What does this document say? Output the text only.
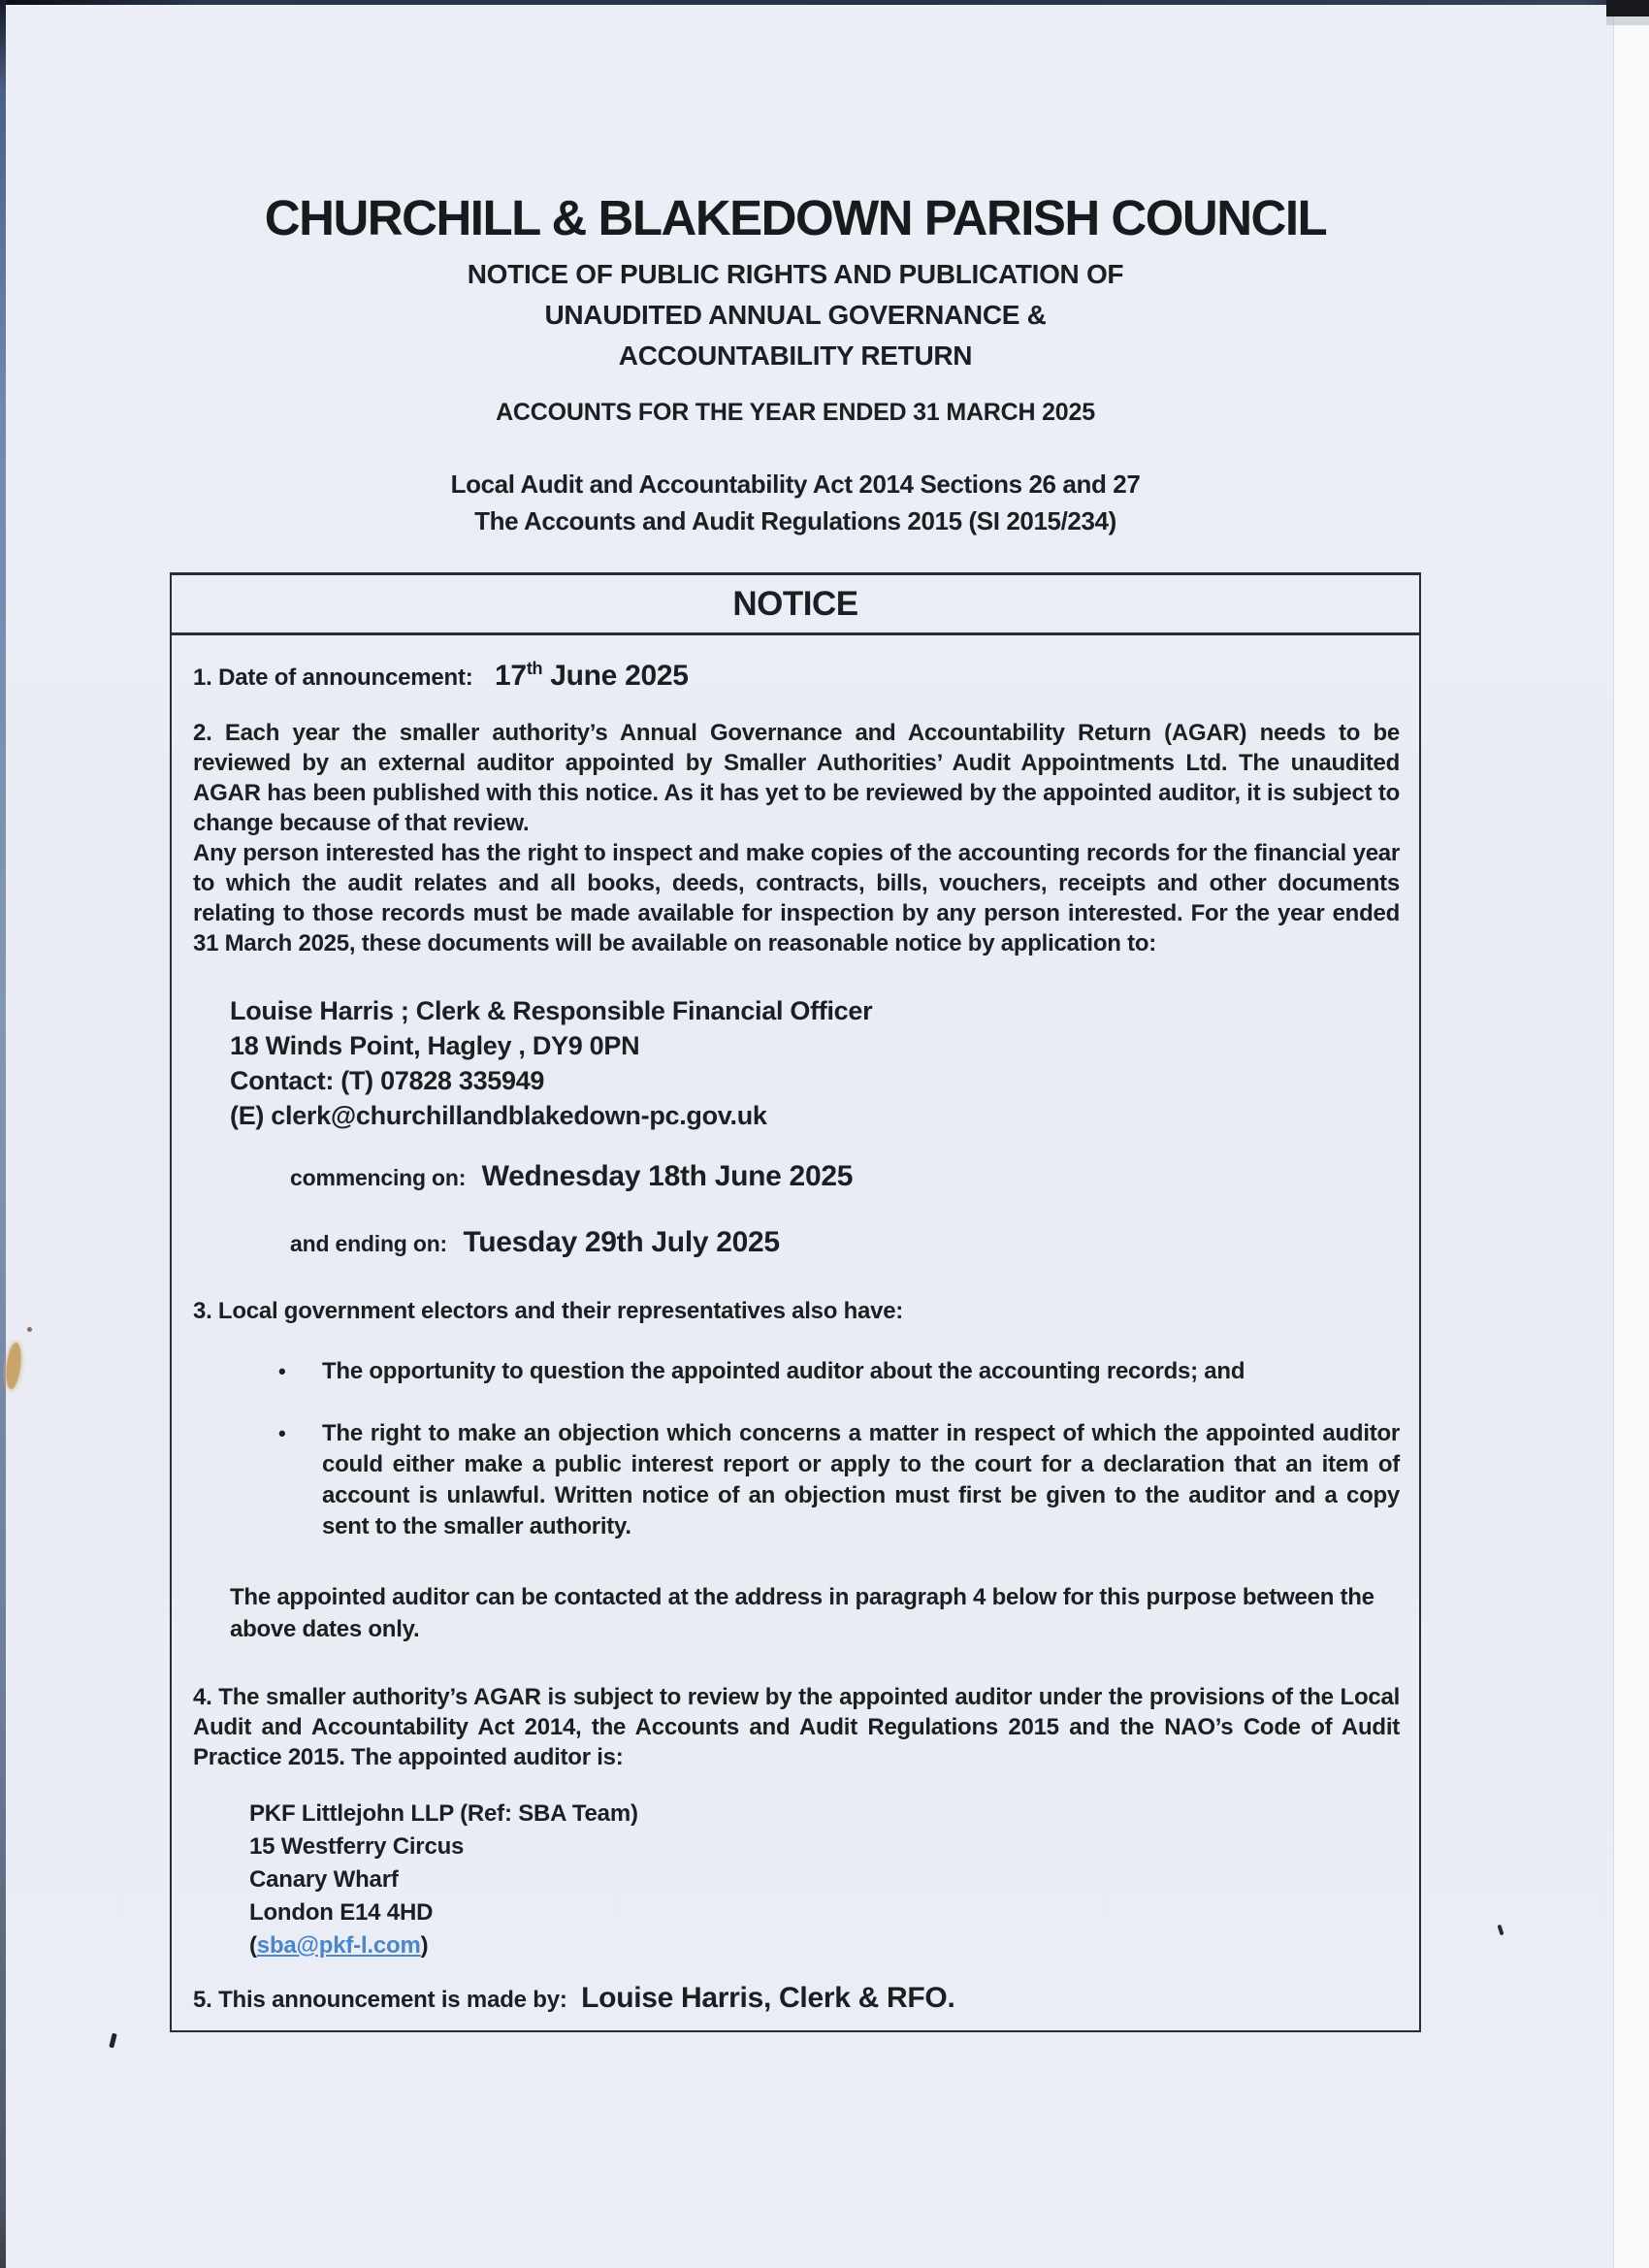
CHURCHILL & BLAKEDOWN PARISH COUNCIL
NOTICE OF PUBLIC RIGHTS AND PUBLICATION OF
UNAUDITED ANNUAL GOVERNANCE &
ACCOUNTABILITY RETURN
ACCOUNTS FOR THE YEAR ENDED 31 MARCH 2025
Local Audit and Accountability Act 2014 Sections 26 and 27
The Accounts and Audit Regulations 2015 (SI 2015/234)
NOTICE

1. Date of announcement: 17th June 2025

2. Each year the smaller authority’s Annual Governance and Accountability Return (AGAR) needs to be reviewed by an external auditor appointed by Smaller Authorities’ Audit Appointments Ltd. The unaudited AGAR has been published with this notice. As it has yet to be reviewed by the appointed auditor, it is subject to change because of that review.

Any person interested has the right to inspect and make copies of the accounting records for the financial year to which the audit relates and all books, deeds, contracts, bills, vouchers, receipts and other documents relating to those records must be made available for inspection by any person interested. For the year ended 31 March 2025, these documents will be available on reasonable notice by application to:

Louise Harris ; Clerk & Responsible Financial Officer
18 Winds Point, Hagley , DY9 0PN
Contact: (T) 07828 335949
(E) clerk@churchillandblakedown-pc.gov.uk

commencing on: Wednesday 18th June 2025

and ending on: Tuesday 29th July 2025

3. Local government electors and their representatives also have:

•	The opportunity to question the appointed auditor about the accounting records; and
•	The right to make an objection which concerns a matter in respect of which the appointed auditor could either make a public interest report or apply to the court for a declaration that an item of account is unlawful. Written notice of an objection must first be given to the auditor and a copy sent to the smaller authority.

The appointed auditor can be contacted at the address in paragraph 4 below for this purpose between the above dates only.

4. The smaller authority’s AGAR is subject to review by the appointed auditor under the provisions of the Local Audit and Accountability Act 2014, the Accounts and Audit Regulations 2015 and the NAO’s Code of Audit Practice 2015. The appointed auditor is:

PKF Littlejohn LLP (Ref: SBA Team)
15 Westferry Circus
Canary Wharf
London E14 4HD
(sba@pkf-l.com)

5. This announcement is made by: Louise Harris, Clerk & RFO.
